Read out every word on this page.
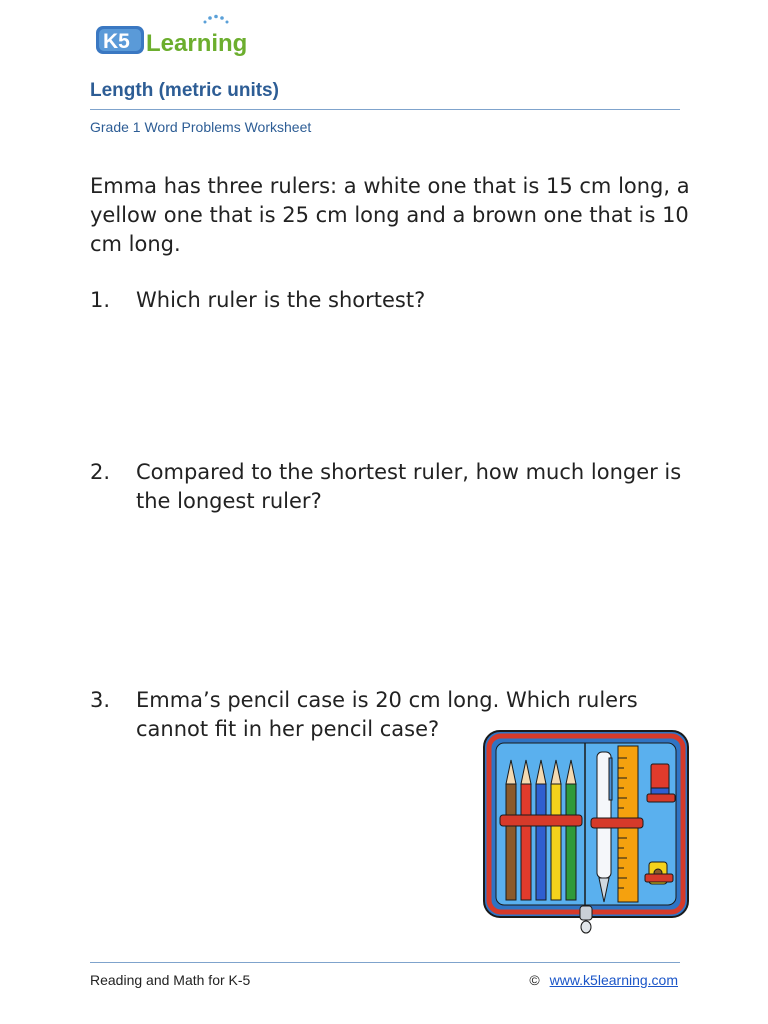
K5 Learning
Length (metric units)
Grade 1 Word Problems Worksheet

Emma has three rulers: a white one that is 15 cm long, a yellow one that is 25 cm long and a brown one that is 10 cm long.

1. Which ruler is the shortest?
2. Compared to the shortest ruler, how much longer is the longest ruler?
3. Emma’s pencil case is 20 cm long. Which rulers cannot fit in her pencil case?
Reading and Math for K-5	© www.k5learning.com
